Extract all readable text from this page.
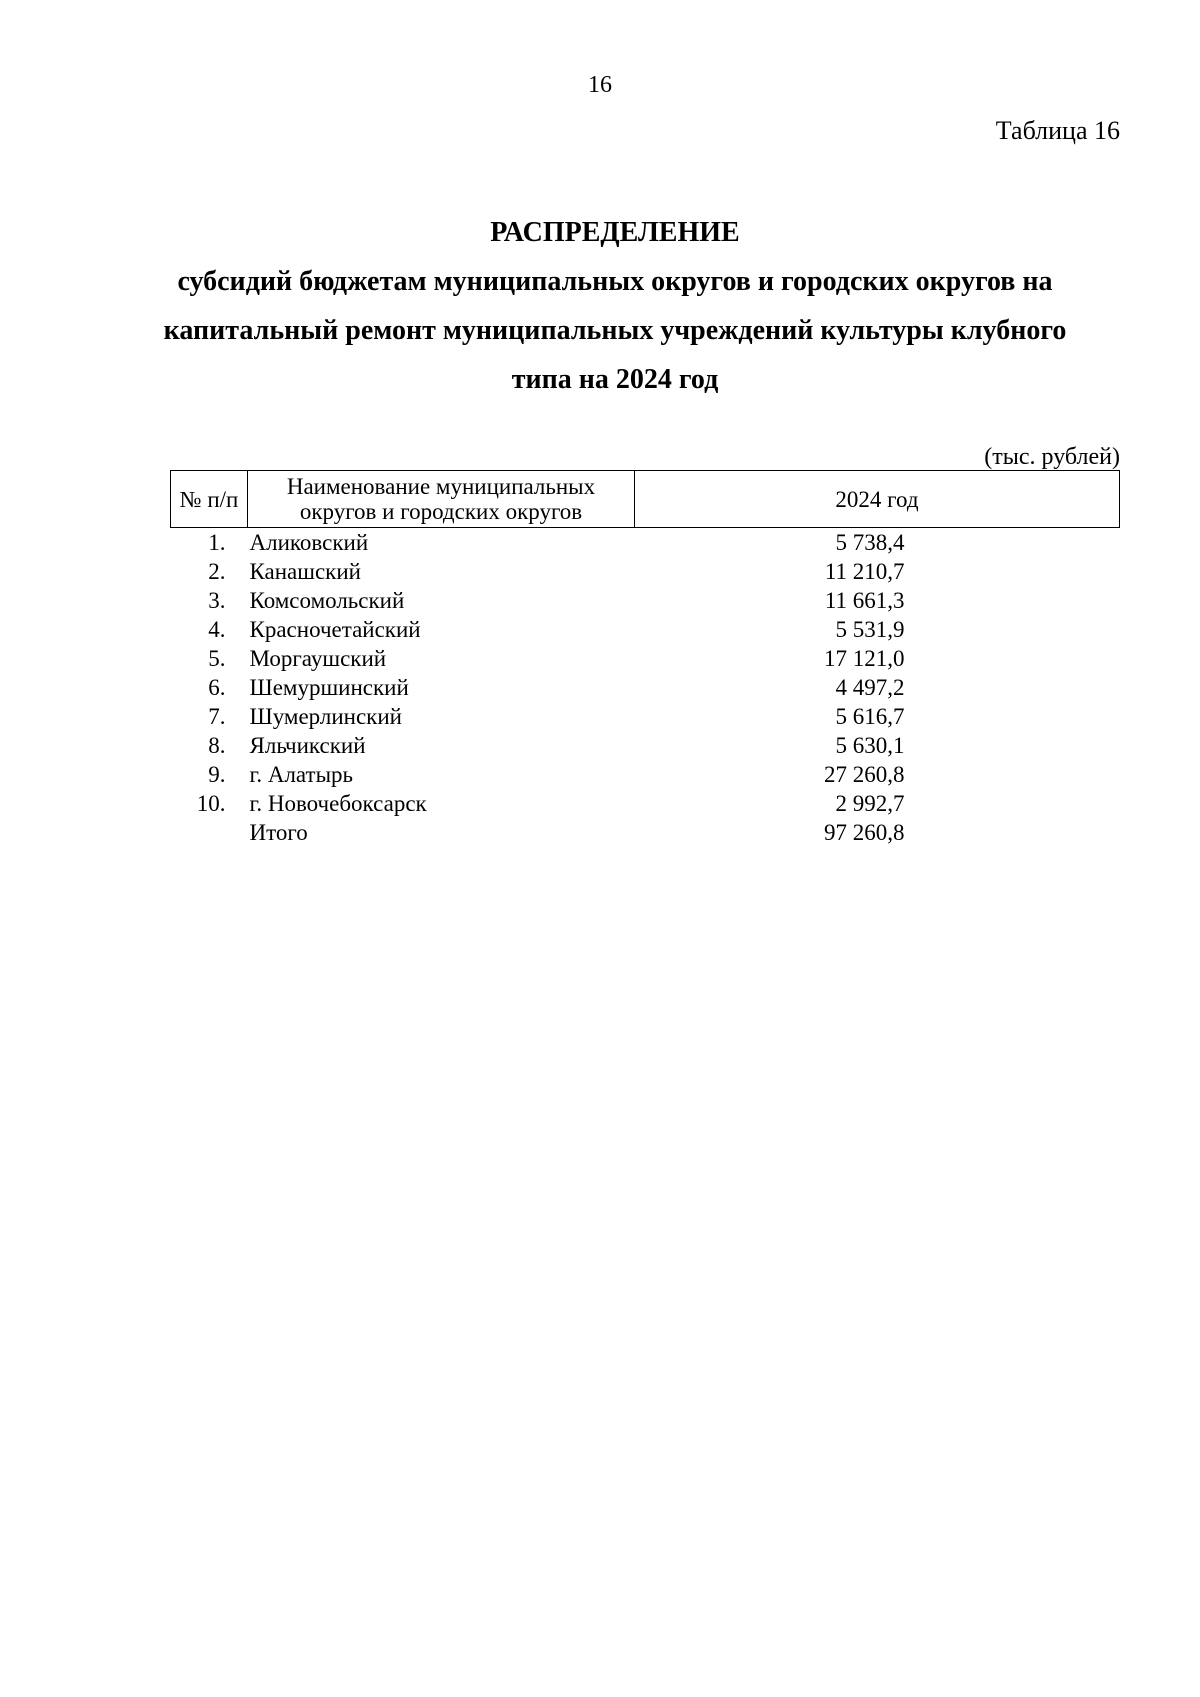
16
Таблица 16
РАСПРЕДЕЛЕНИЕ
субсидий бюджетам муниципальных округов и городских округов на капитальный ремонт муниципальных учреждений культуры клубного типа на 2024 год
(тыс. рублей)
№ п/п	Наименование муниципальных округов и городских округов	2024 год
1.	Аликовский	5 738,4
2.	Канашский	11 210,7
3.	Комсомольский	11 661,3
4.	Красночетайский	5 531,9
5.	Моргаушский	17 121,0
6.	Шемуршинский	4 497,2
7.	Шумерлинский	5 616,7
8.	Яльчикский	5 630,1
9.	г. Алатырь	27 260,8
10.	г. Новочебоксарск	2 992,7
	Итого	97 260,8
